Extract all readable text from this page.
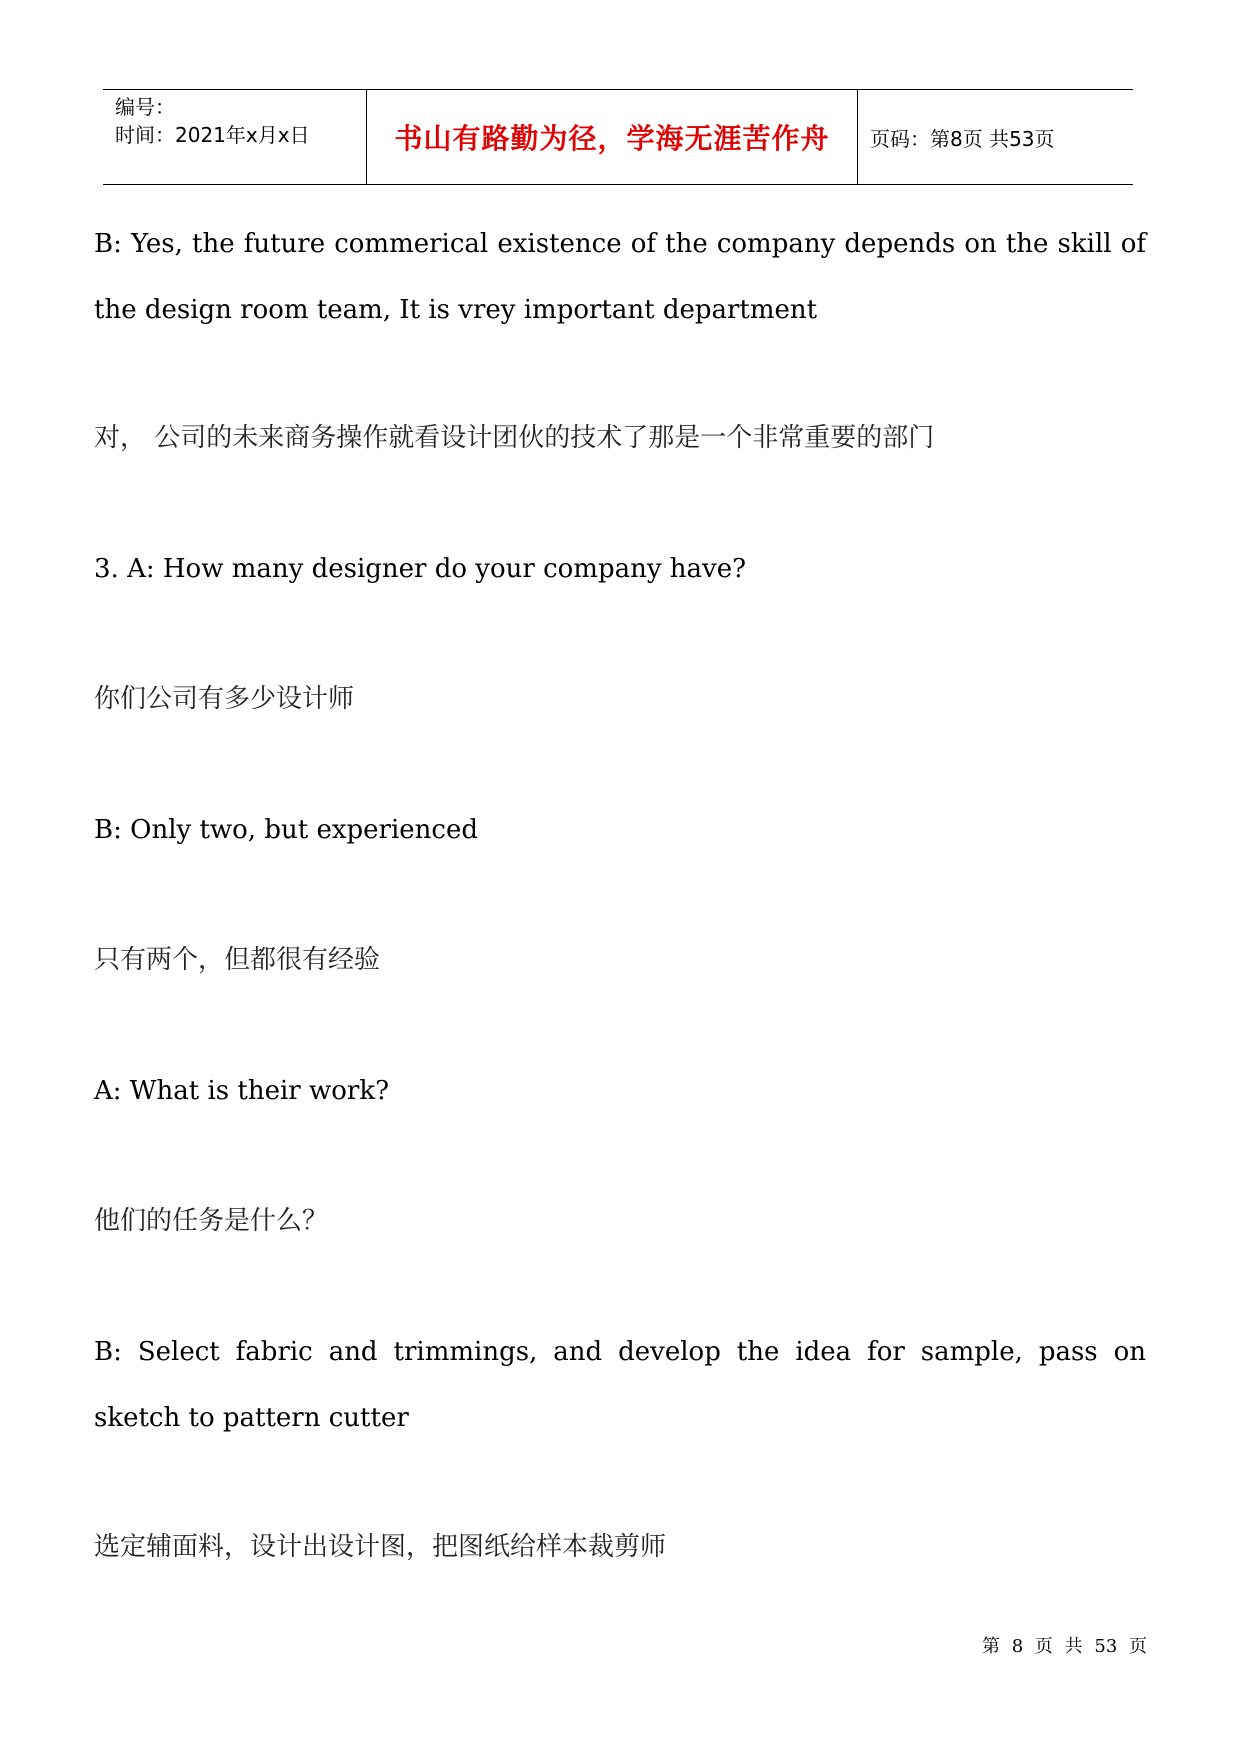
编号：
时间：2021年x月x日	书山有路勤为径，学海无涯苦作舟 页码：第8页 共53页

B: Yes, the future commerical existence of the company depends on the skill of the design room team, It is vrey important department

对， 公司的未来商务操作就看设计团伙的技术了那是一个非常重要的部门

3. A: How many designer do your company have?

你们公司有多少设计师

B: Only two, but experienced

只有两个，但都很有经验

A: What is their work?

他们的任务是什么？

B: Select fabric and trimmings, and develop the idea for sample, pass on sketch to pattern cutter

选定辅面料，设计出设计图，把图纸给样本裁剪师

第 8 页 共 53 页
